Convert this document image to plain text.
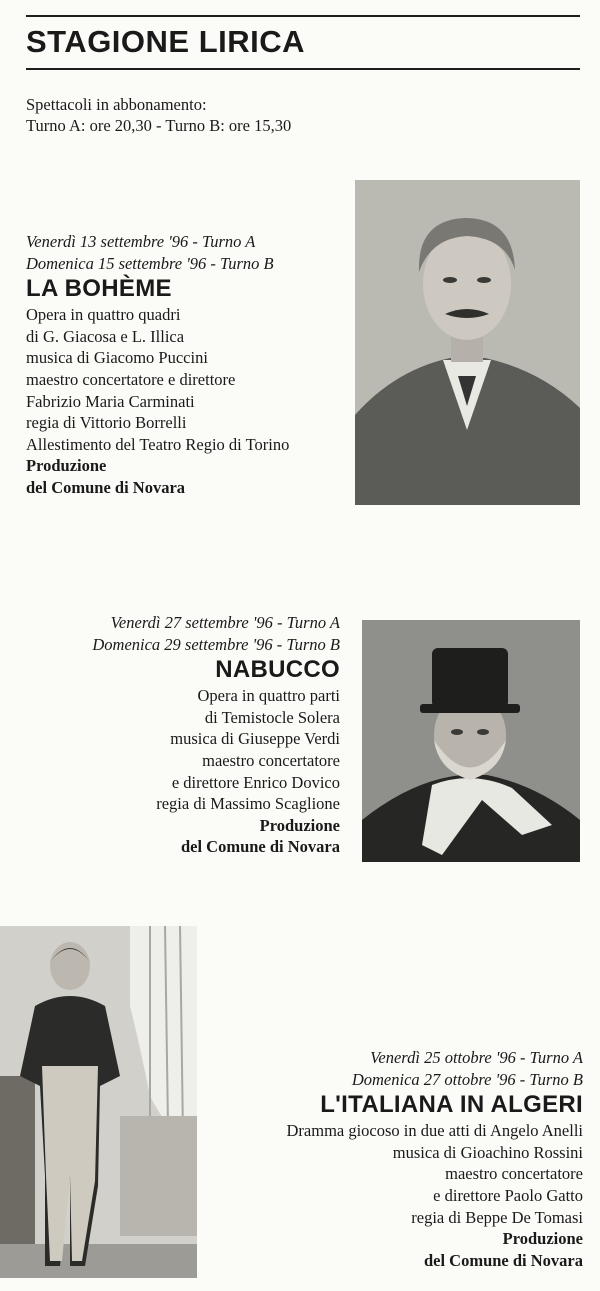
STAGIONE LIRICA
Spettacoli in abbonamento:
Turno A: ore 20,30 - Turno B: ore 15,30
Venerdì 13 settembre '96 - Turno A
Domenica 15 settembre '96 - Turno B
LA BOHÈME
Opera in quattro quadri
di G. Giacosa e L. Illica
musica di Giacomo Puccini
maestro concertatore e direttore
Fabrizio Maria Carminati
regia di Vittorio Borrelli
Allestimento del Teatro Regio di Torino
Produzione
del Comune di Novara
Venerdì 27 settembre '96 - Turno A
Domenica 29 settembre '96 - Turno B
NABUCCO
Opera in quattro parti
di Temistocle Solera
musica di Giuseppe Verdi
maestro concertatore
e direttore Enrico Dovico
regia di Massimo Scaglione
Produzione
del Comune di Novara
Venerdì 25 ottobre '96 - Turno A
Domenica 27 ottobre '96 - Turno B
L'ITALIANA IN ALGERI
Dramma giocoso in due atti di Angelo Anelli
musica di Gioachino Rossini
maestro concertatore
e direttore Paolo Gatto
regia di Beppe De Tomasi
Produzione
del Comune di Novara
